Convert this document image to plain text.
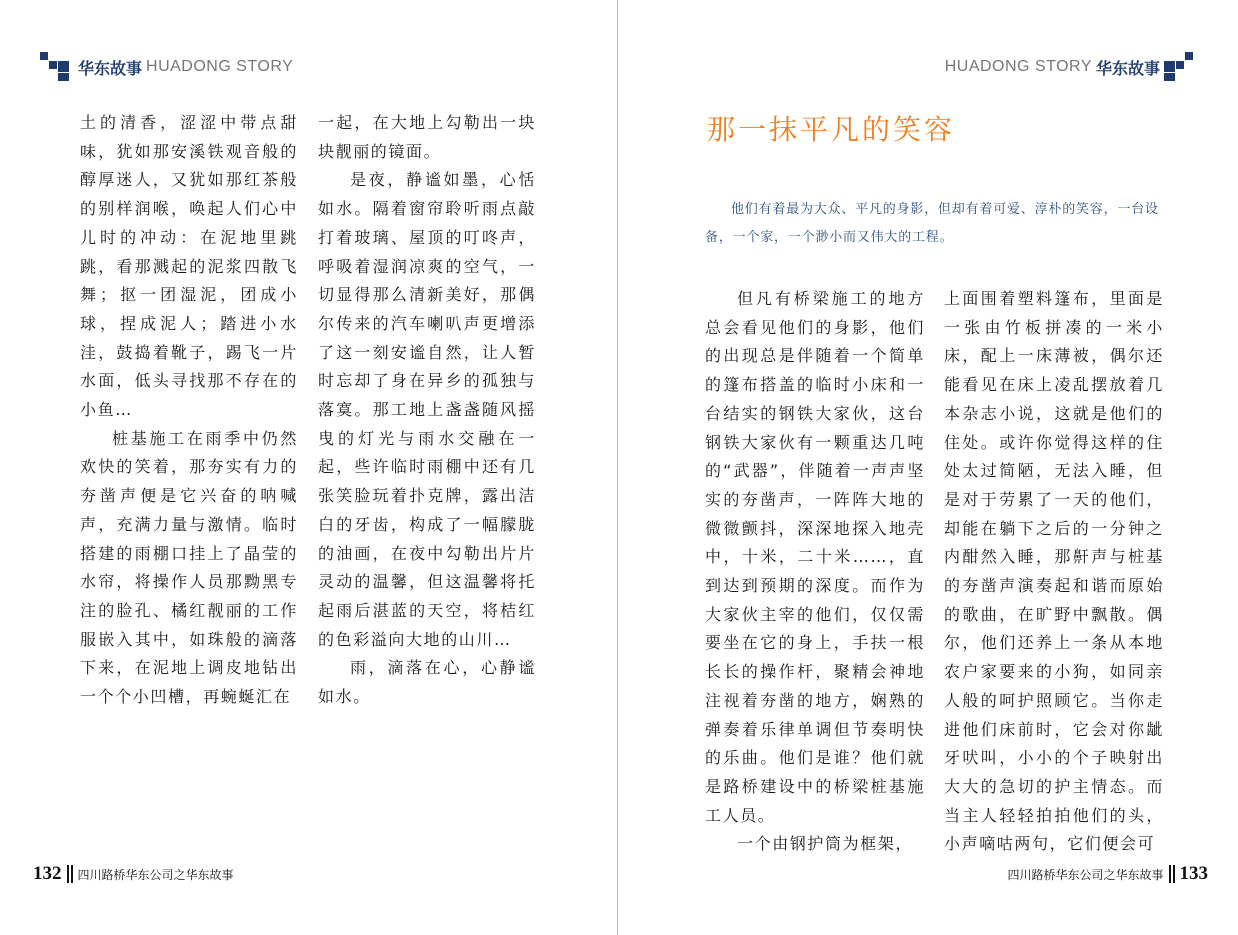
华东故事 HUADONG STORY

土的清香，涩涩中带点甜味，犹如那安溪铁观音般的醇厚迷人，又犹如那红茶般的别样润喉，唤起人们心中儿时的冲动：在泥地里跳跳，看那溅起的泥浆四散飞舞；抠一团湿泥，团成小球，捏成泥人；踏进小水洼，鼓捣着靴子，踢飞一片水面，低头寻找那不存在的小鱼…

桩基施工在雨季中仍然欢快的笑着，那夯实有力的夯凿声便是它兴奋的呐喊声，充满力量与激情。临时搭建的雨棚口挂上了晶莹的水帘，将操作人员那黝黑专注的脸孔、橘红靓丽的工作服嵌入其中，如珠般的滴落下来，在泥地上调皮地钻出一个个小凹槽，再蜿蜒汇在

一起，在大地上勾勒出一块块靓丽的镜面。

是夜，静谧如墨，心恬如水。隔着窗帘聆听雨点敲打着玻璃、屋顶的叮咚声，呼吸着湿润凉爽的空气，一切显得那么清新美好，那偶尔传来的汽车喇叭声更增添了这一刻安谧自然，让人暂时忘却了身在异乡的孤独与落寞。那工地上盏盏随风摇曳的灯光与雨水交融在一起，些许临时雨棚中还有几张笑脸玩着扑克牌，露出洁白的牙齿，构成了一幅朦胧的油画，在夜中勾勒出片片灵动的温馨，但这温馨将托起雨后湛蓝的天空，将桔红的色彩溢向大地的山川…

雨，滴落在心，心静谧如水。

132 四川路桥华东公司之华东故事
HUADONG STORY 华东故事
那一抹平凡的笑容

他们有着最为大众、平凡的身影，但却有着可爱、淳朴的笑容，一台设备，一个家，一个渺小而又伟大的工程。

但凡有桥梁施工的地方总会看见他们的身影，他们的出现总是伴随着一个简单的篷布搭盖的临时小床和一台结实的钢铁大家伙，这台钢铁大家伙有一颗重达几吨的“武器”，伴随着一声声坚实的夯凿声，一阵阵大地的微微颤抖，深深地探入地壳中，十米，二十米……，直到达到预期的深度。而作为大家伙主宰的他们，仅仅需要坐在它的身上，手扶一根长长的操作杆，聚精会神地注视着夯凿的地方，娴熟的弹奏着乐律单调但节奏明快的乐曲。他们是谁？他们就是路桥建设中的桥梁桩基施工人员。

一个由钢护筒为框架，

上面围着塑料篷布，里面是一张由竹板拼凑的一米小床，配上一床薄被，偶尔还能看见在床上凌乱摆放着几本杂志小说，这就是他们的住处。或许你觉得这样的住处太过简陋，无法入睡，但是对于劳累了一天的他们，却能在躺下之后的一分钟之内酣然入睡，那鼾声与桩基的夯凿声演奏起和谐而原始的歌曲，在旷野中飘散。偶尔，他们还养上一条从本地农户家要来的小狗，如同亲人般的呵护照顾它。当你走进他们床前时，它会对你龇牙吠叫，小小的个子映射出大大的急切的护主情态。而当主人轻轻拍拍他们的头，小声嘀咕两句，它们便会可

四川路桥华东公司之华东故事 133
